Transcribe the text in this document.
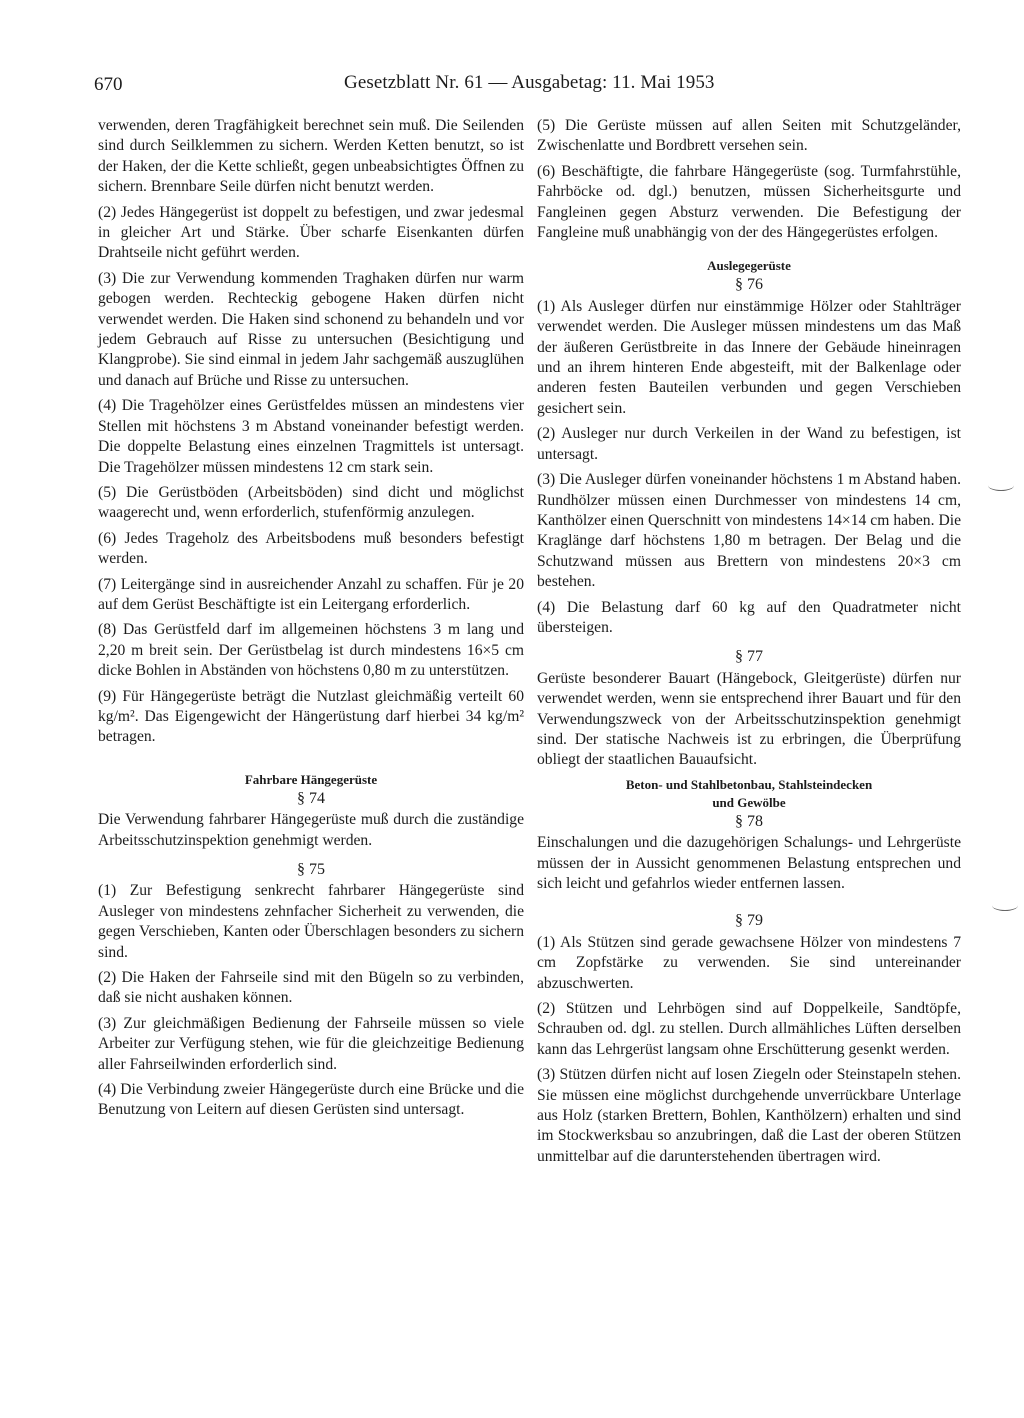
670	Gesetzblatt Nr. 61 — Ausgabetag: 11. Mai 1953

verwenden, deren Tragfähigkeit berechnet sein muß. Die Seilenden sind durch Seilklemmen zu sichern. Werden Ketten benutzt, so ist der Haken, der die Kette schließt, gegen unbeabsichtigtes Öffnen zu sichern. Brennbare Seile dürfen nicht benutzt werden.

(2) Jedes Hängegerüst ist doppelt zu befestigen, und zwar jedesmal in gleicher Art und Stärke. Über scharfe Eisenkanten dürfen Drahtseile nicht geführt werden.

(3) Die zur Verwendung kommenden Traghaken dürfen nur warm gebogen werden. Rechteckig gebogene Haken dürfen nicht verwendet werden. Die Haken sind schonend zu behandeln und vor jedem Gebrauch auf Risse zu untersuchen (Besichtigung und Klangprobe). Sie sind einmal in jedem Jahr sachgemäß auszuglühen und danach auf Brüche und Risse zu untersuchen.

(4) Die Tragehölzer eines Gerüstfeldes müssen an mindestens vier Stellen mit höchstens 3 m Abstand voneinander befestigt werden. Die doppelte Belastung eines einzelnen Tragmittels ist untersagt. Die Tragehölzer müssen mindestens 12 cm stark sein.

(5) Die Gerüstböden (Arbeitsböden) sind dicht und möglichst waagerecht und, wenn erforderlich, stufenförmig anzulegen.

(6) Jedes Trageholz des Arbeitsbodens muß besonders befestigt werden.

(7) Leitergänge sind in ausreichender Anzahl zu schaffen. Für je 20 auf dem Gerüst Beschäftigte ist ein Leitergang erforderlich.

(8) Das Gerüstfeld darf im allgemeinen höchstens 3 m lang und 2,20 m breit sein. Der Gerüstbelag ist durch mindestens 16×5 cm dicke Bohlen in Abständen von höchstens 0,80 m zu unterstützen.

(9) Für Hängegerüste beträgt die Nutzlast gleichmäßig verteilt 60 kg/m². Das Eigengewicht der Hängerüstung darf hierbei 34 kg/m² betragen.

Fahrbare Hängegerüste
§ 74

Die Verwendung fahrbarer Hängegerüste muß durch die zuständige Arbeitsschutzinspektion genehmigt werden.

§ 75

(1) Zur Befestigung senkrecht fahrbarer Hängegerüste sind Ausleger von mindestens zehnfacher Sicherheit zu verwenden, die gegen Verschieben, Kanten oder Überschlagen besonders zu sichern sind.

(2) Die Haken der Fahrseile sind mit den Bügeln so zu verbinden, daß sie nicht aushaken können.

(3) Zur gleichmäßigen Bedienung der Fahrseile müssen so viele Arbeiter zur Verfügung stehen, wie für die gleichzeitige Bedienung aller Fahrseilwinden erforderlich sind.

(4) Die Verbindung zweier Hängegerüste durch eine Brücke und die Benutzung von Leitern auf diesen Gerüsten sind untersagt.

(5) Die Gerüste müssen auf allen Seiten mit Schutzgeländer, Zwischenlatte und Bordbrett versehen sein.

(6) Beschäftigte, die fahrbare Hängegerüste (sog. Turmfahrstühle, Fahrböcke od. dgl.) benutzen, müssen Sicherheitsgurte und Fangleinen gegen Absturz verwenden. Die Befestigung der Fangleine muß unabhängig von der des Hängegerüstes erfolgen.

Auslegegerüste
§ 76

(1) Als Ausleger dürfen nur einstämmige Hölzer oder Stahlträger verwendet werden. Die Ausleger müssen mindestens um das Maß der äußeren Gerüstbreite in das Innere der Gebäude hineinragen und an ihrem hinteren Ende abgesteift, mit der Balkenlage oder anderen festen Bauteilen verbunden und gegen Verschieben gesichert sein.

(2) Ausleger nur durch Verkeilen in der Wand zu befestigen, ist untersagt.

(3) Die Ausleger dürfen voneinander höchstens 1 m Abstand haben. Rundhölzer müssen einen Durchmesser von mindestens 14 cm, Kanthölzer einen Querschnitt von mindestens 14×14 cm haben. Die Kraglänge darf höchstens 1,80 m betragen. Der Belag und die Schutzwand müssen aus Brettern von mindestens 20×3 cm bestehen.

(4) Die Belastung darf 60 kg auf den Quadratmeter nicht übersteigen.

§ 77

Gerüste besonderer Bauart (Hängebock, Gleitgerüste) dürfen nur verwendet werden, wenn sie entsprechend ihrer Bauart und für den Verwendungszweck von der Arbeitsschutzinspektion genehmigt sind. Der statische Nachweis ist zu erbringen, die Überprüfung obliegt der staatlichen Bauaufsicht.

Beton- und Stahlbetonbau, Stahlsteindecken
und Gewölbe
§ 78

Einschalungen und die dazugehörigen Schalungs- und Lehrgerüste müssen der in Aussicht genommenen Belastung entsprechen und sich leicht und gefahrlos wieder entfernen lassen.

§ 79

(1) Als Stützen sind gerade gewachsene Hölzer von mindestens 7 cm Zopfstärke zu verwenden. Sie sind untereinander abzuschwerten.

(2) Stützen und Lehrbögen sind auf Doppelkeile, Sandtöpfe, Schrauben od. dgl. zu stellen. Durch allmähliches Lüften derselben kann das Lehrgerüst langsam ohne Erschütterung gesenkt werden.

(3) Stützen dürfen nicht auf losen Ziegeln oder Steinstapeln stehen. Sie müssen eine möglichst durchgehende unverrückbare Unterlage aus Holz (starken Brettern, Bohlen, Kanthölzern) erhalten und sind im Stockwerksbau so anzubringen, daß die Last der oberen Stützen unmittelbar auf die darunterstehenden übertragen wird.
